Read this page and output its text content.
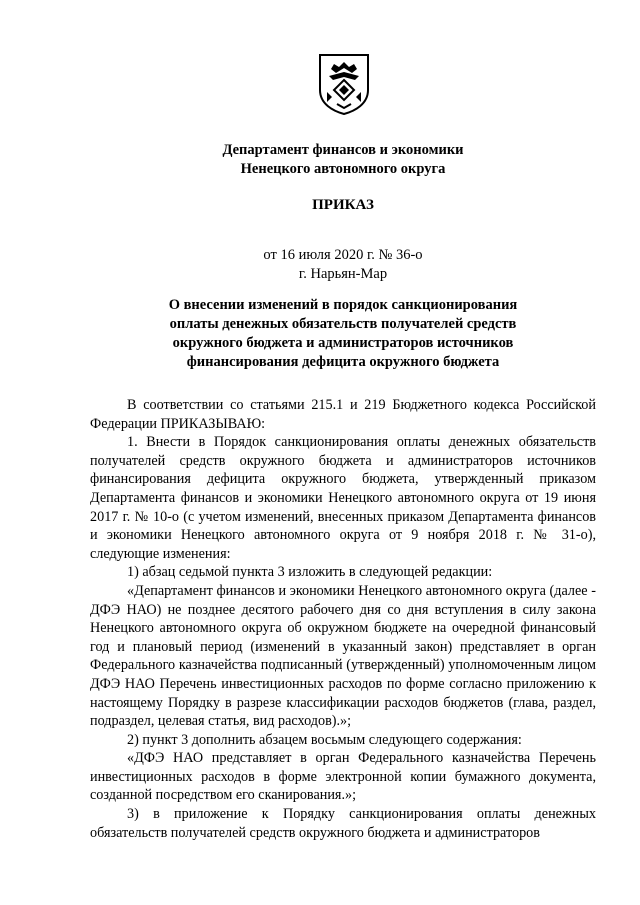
Департамент финансов и экономики
Ненецкого автономного округа
ПРИКАЗ
от 16 июля 2020 г. № 36-о
г. Нарьян-Мар
О внесении изменений в порядок санкционирования
оплаты денежных обязательств получателей средств
окружного бюджета и администраторов источников
финансирования дефицита окружного бюджета

В соответствии со статьями 215.1 и 219 Бюджетного кодекса Российской Федерации ПРИКАЗЫВАЮ:

1. Внести в Порядок санкционирования оплаты денежных обязательств получателей средств окружного бюджета и администраторов источников финансирования дефицита окружного бюджета, утвержденный приказом Департамента финансов и экономики Ненецкого автономного округа от 19 июня 2017 г. № 10-о (с учетом изменений, внесенных приказом Департамента финансов и экономики Ненецкого автономного округа от 9 ноября 2018 г. № 31-о), следующие изменения:

1) абзац седьмой пункта 3 изложить в следующей редакции:

«Департамент финансов и экономики Ненецкого автономного округа (далее - ДФЭ НАО) не позднее десятого рабочего дня со дня вступления в силу закона Ненецкого автономного округа об окружном бюджете на очередной финансовый год и плановый период (изменений в указанный закон) представляет в орган Федерального казначейства подписанный (утвержденный) уполномоченным лицом ДФЭ НАО Перечень инвестиционных расходов по форме согласно приложению к настоящему Порядку в разрезе классификации расходов бюджетов (глава, раздел, подраздел, целевая статья, вид расходов).»;

2) пункт 3 дополнить абзацем восьмым следующего содержания:

«ДФЭ НАО представляет в орган Федерального казначейства Перечень инвестиционных расходов в форме электронной копии бумажного документа, созданной посредством его сканирования.»;

3) в приложение к Порядку санкционирования оплаты денежных обязательств получателей средств окружного бюджета и администраторов
